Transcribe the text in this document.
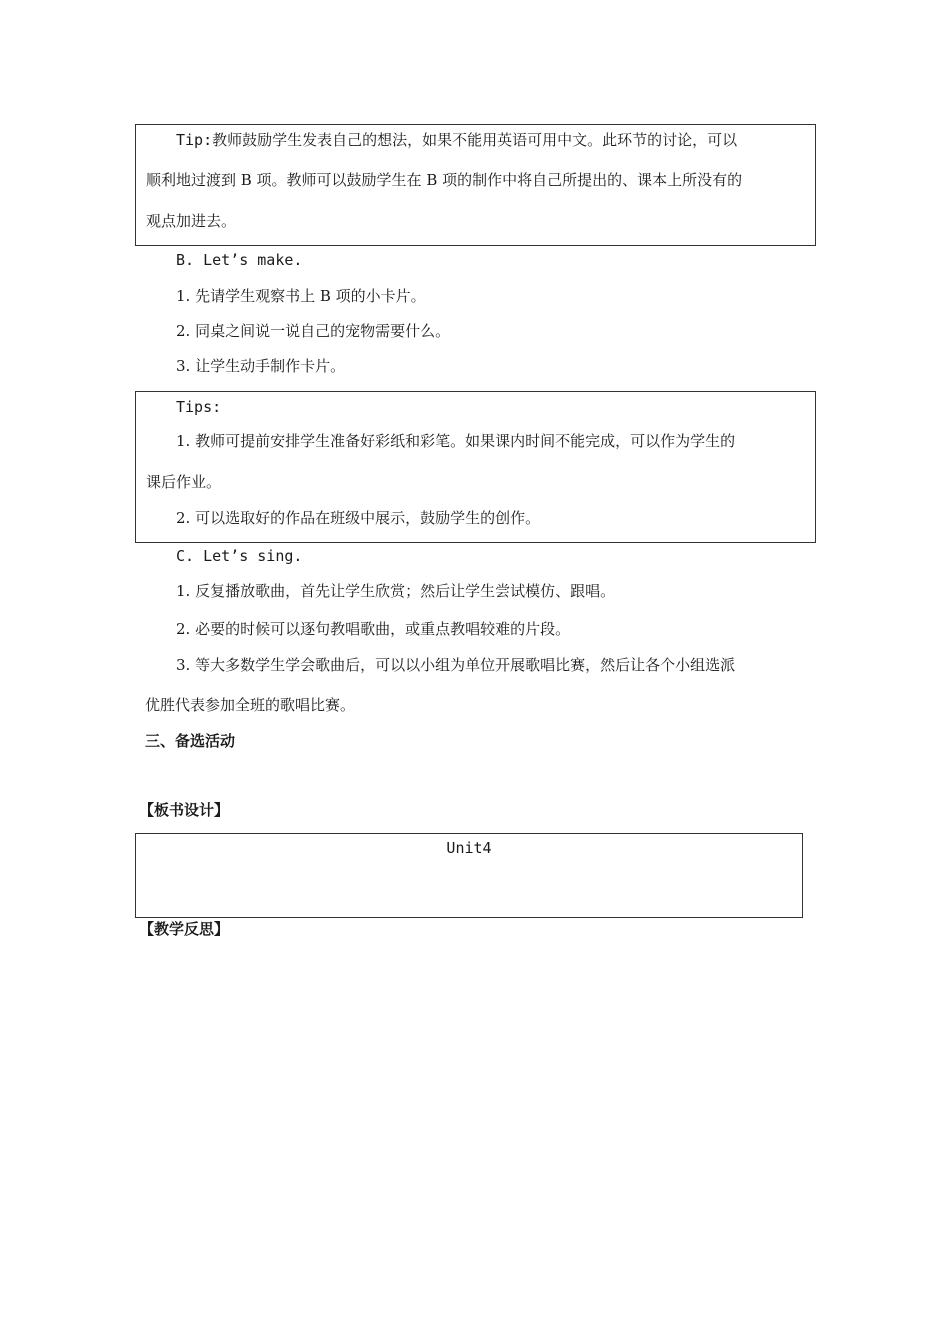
Tip:教师鼓励学生发表自己的想法，如果不能用英语可用中文。此环节的讨论，可以
顺利地过渡到 B 项。教师可以鼓励学生在 B 项的制作中将自己所提出的、课本上所没有的
观点加进去。
B. Let’s make.
1. 先请学生观察书上 B 项的小卡片。
2. 同桌之间说一说自己的宠物需要什么。
3. 让学生动手制作卡片。
Tips:
1. 教师可提前安排学生准备好彩纸和彩笔。如果课内时间不能完成，可以作为学生的
课后作业。
2. 可以选取好的作品在班级中展示，鼓励学生的创作。
C. Let’s sing.
1. 反复播放歌曲，首先让学生欣赏；然后让学生尝试模仿、跟唱。
2. 必要的时候可以逐句教唱歌曲，或重点教唱较难的片段。
3. 等大多数学生学会歌曲后，可以以小组为单位开展歌唱比赛，然后让各个小组选派
优胜代表参加全班的歌唱比赛。
三、备选活动
【板书设计】
Unit4
【教学反思】
